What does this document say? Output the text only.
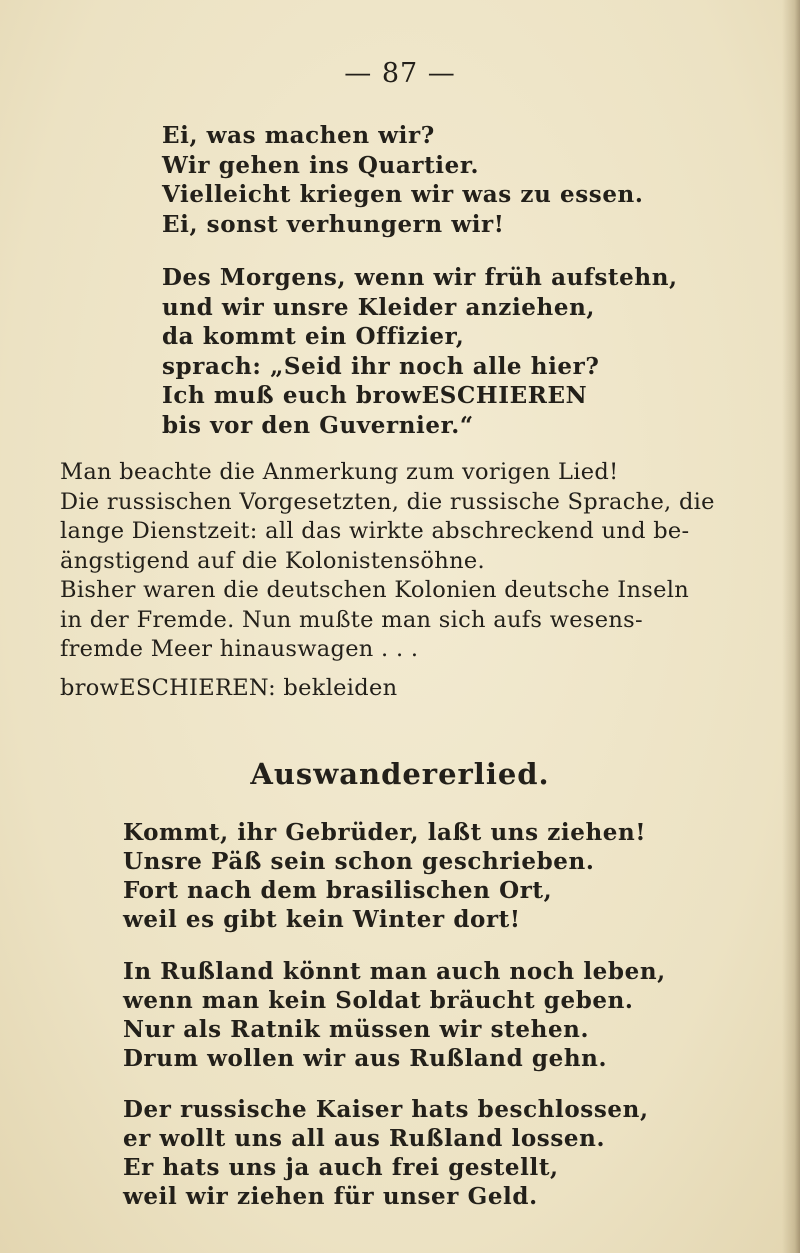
— 87 —
Ei, was machen wir?
Wir gehen ins Quartier.
Vielleicht kriegen wir was zu essen.
Ei, sonst verhungern wir!
Des Morgens, wenn wir früh aufstehn,
und wir unsre Kleider anziehen,
da kommt ein Offizier,
sprach: „Seid ihr noch alle hier?
Ich muß euch browESCHIEREN
bis vor den Guvernier.“
Man beachte die Anmerkung zum vorigen Lied!
Die russischen Vorgesetzten, die russische Sprache, die
lange Dienstzeit: all das wirkte abschreckend und be-
ängstigend auf die Kolonistensöhne.
Bisher waren die deutschen Kolonien deutsche Inseln
in der Fremde. Nun mußte man sich aufs wesens-
fremde Meer hinauswagen . . .
browESCHIEREN: bekleiden
Auswandererlied.
Kommt, ihr Gebrüder, laßt uns ziehen!
Unsre Päß sein schon geschrieben.
Fort nach dem brasilischen Ort,
weil es gibt kein Winter dort!
In Rußland könnt man auch noch leben,
wenn man kein Soldat bräucht geben.
Nur als Ratnik müssen wir stehen.
Drum wollen wir aus Rußland gehn.
Der russische Kaiser hats beschlossen,
er wollt uns all aus Rußland lossen.
Er hats uns ja auch frei gestellt,
weil wir ziehen für unser Geld.
